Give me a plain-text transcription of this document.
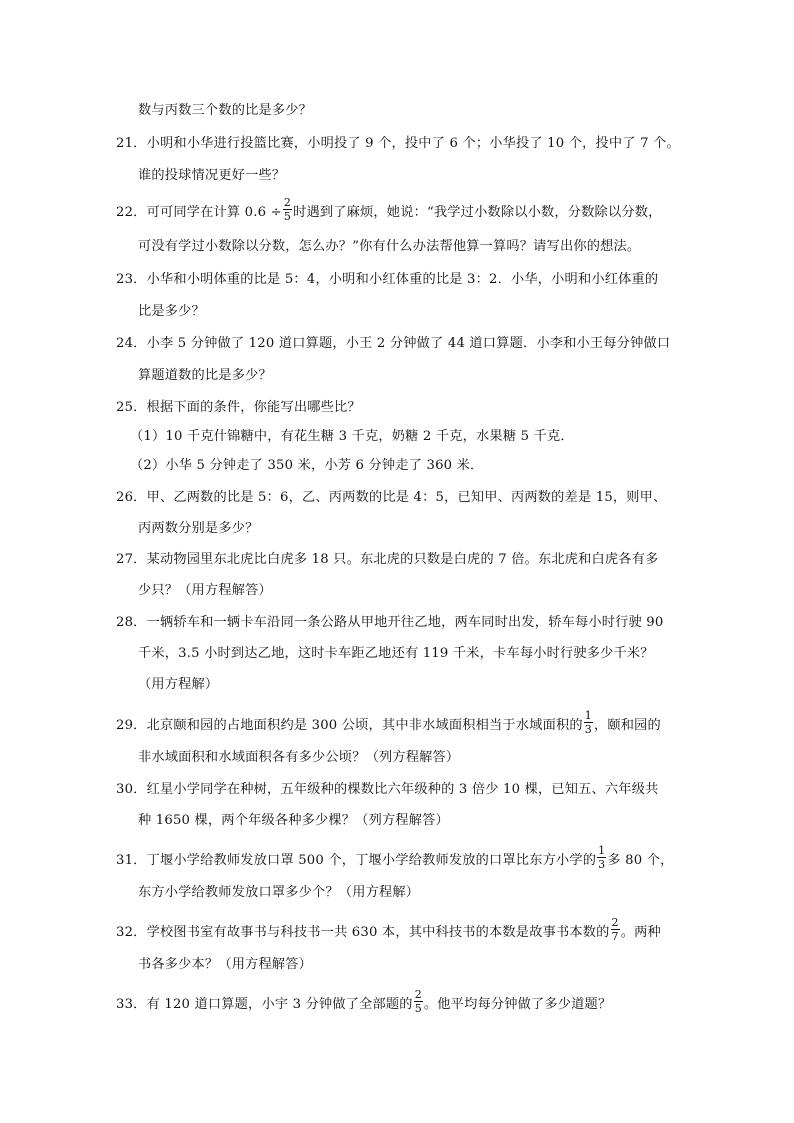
数与丙数三个数的比是多少？
21．小明和小华进行投篮比赛，小明投了 9 个，投中了 6 个；小华投了 10 个，投中了 7 个。
谁的投球情况更好一些？
22．可可同学在计算 $0.6 \div \frac{2}{5}$ 时遇到了麻烦，她说：“我学过小数除以小数，分数除以分数，
可没有学过小数除以分数，怎么办？”你有什么办法帮他算一算吗？请写出你的想法。
23．小华和小明体重的比是 5：4，小明和小红体重的比是 3：2．小华，小明和小红体重的
比是多少？
24．小李 5 分钟做了 120 道口算题，小王 2 分钟做了 44 道口算题．小李和小王每分钟做口
算题道数的比是多少？
25．根据下面的条件，你能写出哪些比？
（1）10 千克什锦糖中，有花生糖 3 千克，奶糖 2 千克，水果糖 5 千克．
（2）小华 5 分钟走了 350 米，小芳 6 分钟走了 360 米．
26．甲、乙两数的比是 5：6，乙、丙两数的比是 4：5，已知甲、丙两数的差是 15，则甲、
丙两数分别是多少？
27．某动物园里东北虎比白虎多 18 只。东北虎的只数是白虎的 7 倍。东北虎和白虎各有多
少只？（用方程解答）
28．一辆轿车和一辆卡车沿同一条公路从甲地开往乙地，两车同时出发，轿车每小时行驶 90
千米，3.5 小时到达乙地，这时卡车距乙地还有 119 千米，卡车每小时行驶多少千米？
（用方程解）
29．北京颐和园的占地面积约是 300 公顷，其中非水域面积相当于水域面积的 $\frac{1}{3}$ ，颐和园的
非水域面积和水域面积各有多少公顷？（列方程解答）
30．红星小学同学在种树，五年级种的棵数比六年级种的 3 倍少 10 棵，已知五、六年级共
种 1650 棵，两个年级各种多少棵？（列方程解答）
31．丁堰小学给教师发放口罩 500 个，丁堰小学给教师发放的口罩比东方小学的 $\frac{1}{3}$ 多 80 个，
东方小学给教师发放口罩多少个？（用方程解）
32．学校图书室有故事书与科技书一共 630 本，其中科技书的本数是故事书本数的 $\frac{2}{7}$ 。两种
书各多少本？（用方程解答）
33．有 120 道口算题，小宇 3 分钟做了全部题的 $\frac{2}{5}$ 。他平均每分钟做了多少道题？
